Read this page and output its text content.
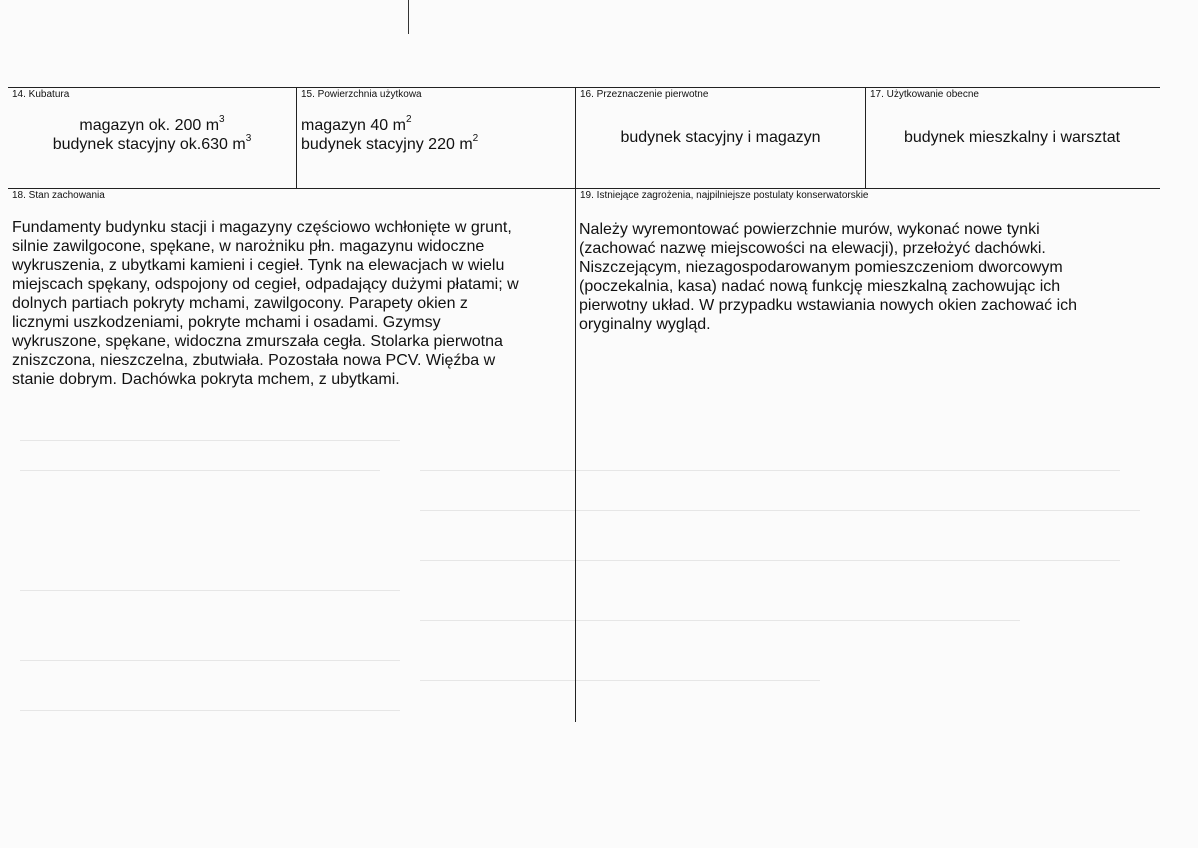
14. Kubatura
magazyn ok. 200 $m^3$
budynek stacyjny ok.630 $m^3$
15. Powierzchnia użytkowa
magazyn 40 $m^2$
budynek stacyjny 220 $m^2$
16. Przeznaczenie pierwotne
budynek stacyjny i magazyn
17. Użytkowanie obecne
budynek mieszkalny i warsztat
18. Stan zachowania

Fundamenty budynku stacji i magazyny częściowo wchłonięte w grunt,

silnie zawilgocone, spękane, w narożniku płn. magazynu widoczne

wykruszenia, z ubytkami kamieni i cegieł. Tynk na elewacjach w wielu

miejscach spękany, odspojony od cegieł, odpadający dużymi płatami; w

dolnych partiach pokryty mchami, zawilgocony. Parapety okien z

licznymi uszkodzeniami, pokryte mchami i osadami. Gzymsy

wykruszone, spękane, widoczna zmurszała cegła. Stolarka pierwotna

zniszczona, nieszczelna, zbutwiała. Pozostała nowa PCV. Więźba w

stanie dobrym. Dachówka pokryta mchem, z ubytkami.

19. Istniejące zagrożenia, najpilniejsze postulaty konserwatorskie

Należy wyremontować powierzchnie murów, wykonać nowe tynki

(zachować nazwę miejscowości na elewacji), przełożyć dachówki.

Niszczejącym, niezagospodarowanym pomieszczeniom dworcowym

(poczekalnia, kasa) nadać nową funkcję mieszkalną zachowując ich

pierwotny układ. W przypadku wstawiania nowych okien zachować ich

oryginalny wygląd.
